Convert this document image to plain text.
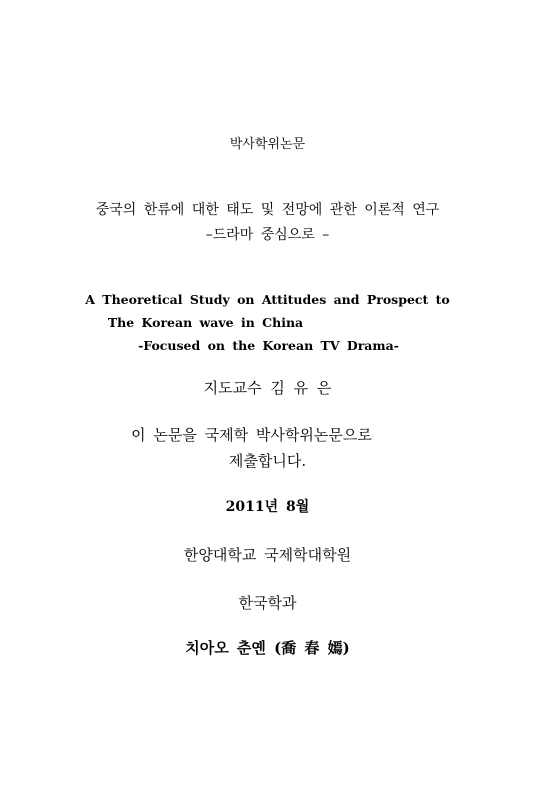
박사학위논문
중국의 한류에 대한 태도 및 전망에 관한 이론적 연구
–드라마 중심으로 –
A Theoretical Study on Attitudes and Prospect to
The Korean wave in China
-Focused on the Korean TV Drama-
지도교수 김 유 은
이 논문을 국제학 박사학위논문으로
제출합니다.
2011년 8월
한양대학교 국제학대학원
한국학과
치아오 춘옌 (喬 春 嫣)
